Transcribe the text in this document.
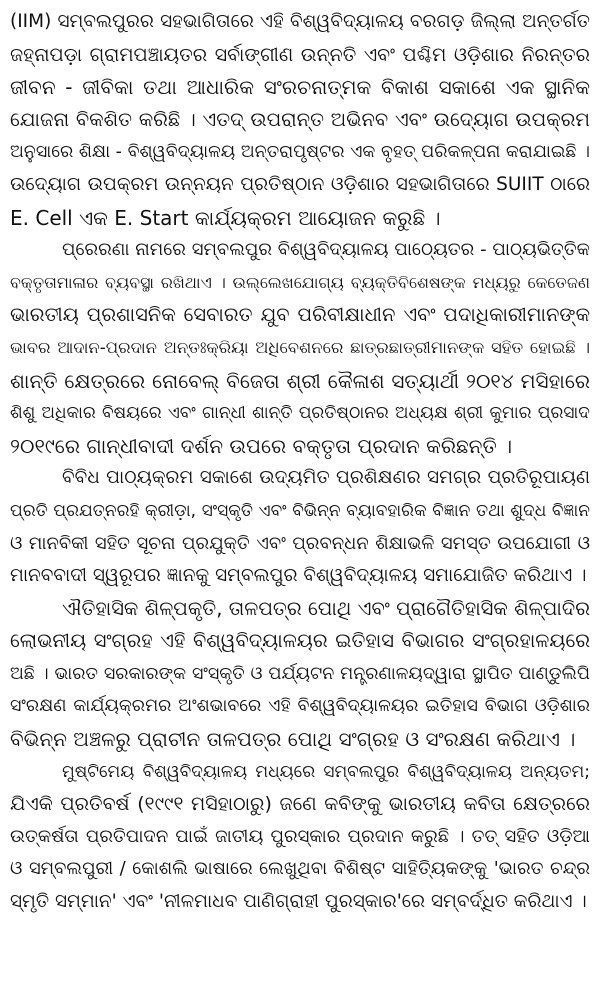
(IIM) ସମ୍ବଲପୁରର ସହଭାଗିତାରେ ଏହି ବିଶ୍ୱବିଦ୍ୟାଳୟ ବରଗଡ଼ ଜିଲ୍ଲା ଅନ୍ତର୍ଗତ
ଜହ୍ନାପଡ଼ା ଗ୍ରାମପଞ୍ଚାୟତର ସର୍ବାଙ୍ଗୀଣ ଉନ୍ନତି ଏବଂ ପଶ୍ଚିମ ଓଡ଼ିଶାର ନିରନ୍ତର
ଜୀବନ - ଜୀବିକା ତଥା ଆଧାରିକ ସଂରଚନାତ୍ମକ ବିକାଶ ସକାଶେ ଏକ ସ୍ଥାନିକ
ଯୋଜନା ବିକଶିତ କରିଛି । ଏତଦ୍ ଉପରାନ୍ତ ଅଭିନବ ଏବଂ ଉଦ୍ୟୋଗ ଉପକ୍ରମ
ଅନୁସାରେ ଶିକ୍ଷା - ବିଶ୍ୱବିଦ୍ୟାଳୟ ଅନ୍ତରାପୃଷ୍ଟର ଏକ ବୃହତ୍ ପରିକଳ୍ପନା କରାଯାଇଛି ।
ଉଦ୍ୟୋଗ ଉପକ୍ରମ ଉନ୍ନୟନ ପ୍ରତିଷ୍ଠାନ ଓଡ଼ିଶାର ସହଭାଗିତାରେ SUIIT ଠାରେ
E. Cell ଏକ E. Start କାର୍ଯ୍ୟକ୍ରମ ଆୟୋଜନ କରୁଛି ।
ପ୍ରେରଣା ନାମରେ ସମ୍ବଲପୁର ବିଶ୍ୱବିଦ୍ୟାଳୟ ପାଠ୍ୟେତର - ପାଠ୍ୟଭିତ୍ତିକ
ବକ୍ତୃତାମାଳାର ବ୍ୟବସ୍ଥା ରଖିଥାଏ । ଉଲ୍ଲେଖଯୋଗ୍ୟ ବ୍ୟକ୍ତିବିଶେଷଙ୍କ ମଧ୍ୟରୁ କେତେଜଣ
ଭାରତୀୟ ପ୍ରଶାସନିକ ସେବାରତ ଯୁବ ପରିବୀକ୍ଷାଧୀନ ଏବଂ ପଦାଧିକାରୀମାନଙ୍କ
ଭାବର ଆଦାନ-ପ୍ରଦାନ ଅନ୍ତଃକ୍ରିୟା ଅଧିବେଶନରେ ଛାତ୍ରଛାତ୍ରୀମାନଙ୍କ ସହିତ ହୋଇଛି ।
ଶାନ୍ତି କ୍ଷେତ୍ରରେ ନୋବେଲ୍ ବିଜେତା ଶ୍ରୀ କୈଳାଶ ସତ୍ୟାର୍ଥୀ ୨୦୧୪ ମସିହାରେ
ଶିଶୁ ଅଧିକାର ବିଷୟରେ ଏବଂ ଗାନ୍ଧୀ ଶାନ୍ତି ପ୍ରତିଷ୍ଠାନର ଅଧ୍ୟକ୍ଷ ଶ୍ରୀ କୁମାର ପ୍ରସାଦ
୨୦୧୯ରେ ଗାନ୍ଧୀବାଦୀ ଦର୍ଶନ ଉପରେ ବକ୍ତୃତା ପ୍ରଦାନ କରିଛନ୍ତି ।
ବିବିଧ ପାଠ୍ୟକ୍ରମ ସକାଶେ ଉଦ୍ୟମିତ ପ୍ରଶିକ୍ଷଣର ସମଗ୍ର ପ୍ରତିରୂପାୟଣ
ପ୍ରତି ପ୍ରଯତ୍ନରହି କ୍ରୀଡ଼ା, ସଂସ୍କୃତି ଏବଂ ବିଭିନ୍ନ ବ୍ୟାବହାରିକ ବିଜ୍ଞାନ ତଥା ଶୁଦ୍ଧ ବିଜ୍ଞାନ
ଓ ମାନବିକୀ ସହିତ ସୂଚନା ପ୍ରଯୁକ୍ତି ଏବଂ ପ୍ରବନ୍ଧନ ଶିକ୍ଷାଭଳି ସମସ୍ତ ଉପଯୋଗୀ ଓ
ମାନବବାଦୀ ସ୍ୱରୂପର ଜ୍ଞାନକୁ ସମ୍ବଲପୁର ବିଶ୍ୱବିଦ୍ୟାଳୟ ସମାଯୋଜିତ କରିଥାଏ ।
ଐତିହାସିକ ଶିଳ୍ପକୃତି, ତାଳପତ୍ର ପୋଥି ଏବଂ ପ୍ରାଗୈତିହାସିକ ଶିଳ୍ପାଦିର
ଲୋଭନୀୟ ସଂଗ୍ରହ ଏହି ବିଶ୍ୱବିଦ୍ୟାଳୟର ଇତିହାସ ବିଭାଗର ସଂଗ୍ରହାଳୟରେ
ଅଛି । ଭାରତ ସରକାରଙ୍କ ସଂସ୍କୃତି ଓ ପର୍ଯ୍ୟଟନ ମନ୍ତ୍ରଣାଳୟଦ୍ୱାରା ସ୍ଥାପିତ ପାଣ୍ଡୁଲିପି
ସଂରକ୍ଷଣ କାର୍ଯ୍ୟକ୍ରମର ଅଂଶଭାବରେ ଏହି ବିଶ୍ୱବିଦ୍ୟାଳୟର ଇତିହାସ ବିଭାଗ ଓଡ଼ିଶାର
ବିଭିନ୍ନ ଅଞ୍ଚଳରୁ ପ୍ରାଚୀନ ତାଳପତ୍ର ପୋଥି ସଂଗ୍ରହ ଓ ସଂରକ୍ଷଣ କରିଥାଏ ।
ମୁଷ୍ଟିମେୟ ବିଶ୍ୱବିଦ୍ୟାଳୟ ମଧ୍ୟରେ ସମ୍ବଲପୁର ବିଶ୍ୱବିଦ୍ୟାଳୟ ଅନ୍ୟତମ;
ଯିଏକି ପ୍ରତିବର୍ଷ (୧୯୯୧ ମସିହାଠାରୁ) ଜଣେ କବିଙ୍କୁ ଭାରତୀୟ କବିତା କ୍ଷେତ୍ରରେ
ଉତ୍କର୍ଷତା ପ୍ରତିପାଦନ ପାଇଁ ଜାତୀୟ ପୁରସ୍କାର ପ୍ରଦାନ କରୁଛି । ତତ୍ ସହିତ ଓଡ଼ିଆ
ଓ ସମ୍ବଲପୁରୀ / କୋଶଲି ଭାଷାରେ ଲେଖୁଥିବା ବିଶିଷ୍ଟ ସାହିତ୍ୟିକଙ୍କୁ 'ଭାରତ ଚନ୍ଦ୍ର
ସ୍ମୃତି ସମ୍ମାନ' ଏବଂ 'ନୀଳମାଧବ ପାଣିଗ୍ରାହୀ ପୁରସ୍କାର'ରେ ସମ୍ବର୍ଦ୍ଧିତ କରିଥାଏ ।
